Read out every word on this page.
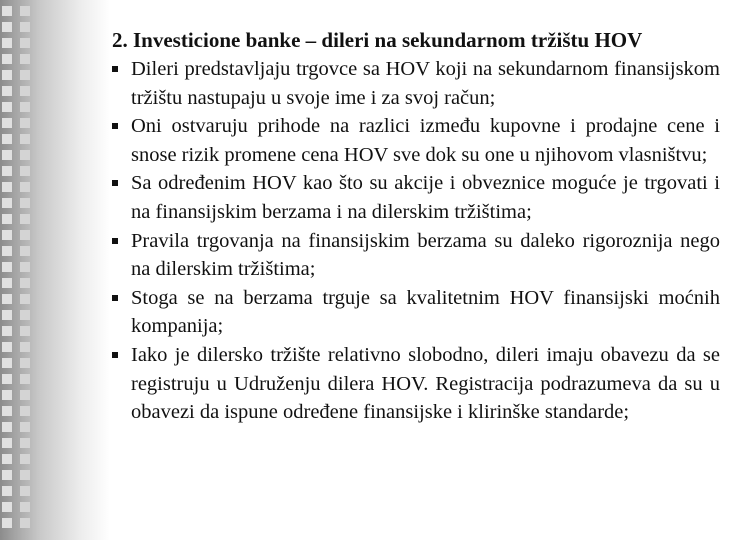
2. Investicione banke – dileri na sekundarnom tržištu HOV
Dileri predstavljaju trgovce sa HOV koji na sekundarnom finansijskom tržištu nastupaju u svoje ime i za svoj račun;
Oni ostvaruju prihode na razlici između kupovne i prodajne cene i snose rizik promene cena HOV sve dok su one u njihovom vlasništvu;
Sa određenim HOV kao što su akcije i obveznice moguće je trgovati i na finansijskim berzama i na dilerskim tržištima;
Pravila trgovanja na finansijskim berzama su daleko rigoroznija nego na dilerskim tržištima;
Stoga se na berzama trguje sa kvalitetnim HOV finansijski moćnih kompanija;
Iako je dilersko tržište relativno slobodno, dileri imaju obavezu da se registruju u Udruženju dilera HOV. Registracija podrazumeva da su u obavezi da ispune određene finansijske i klirinške standarde;
